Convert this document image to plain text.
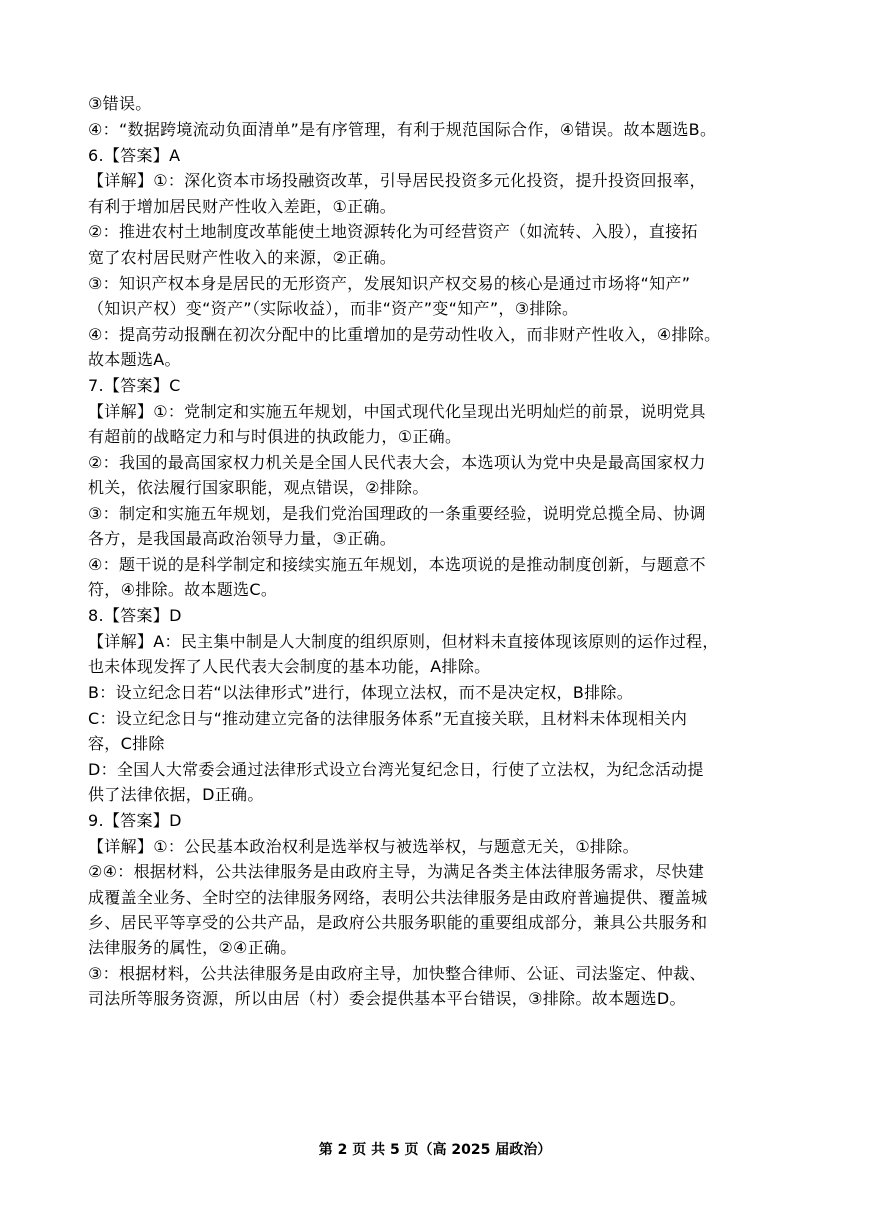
③错误。
④：“数据跨境流动负面清单”是有序管理，有利于规范国际合作，④错误。故本题选B。
6.【答案】A
【详解】①：深化资本市场投融资改革，引导居民投资多元化投资，提升投资回报率，
有利于增加居民财产性收入差距，①正确。
②：推进农村土地制度改革能使土地资源转化为可经营资产（如流转、入股），直接拓
宽了农村居民财产性收入的来源，②正确。
③：知识产权本身是居民的无形资产，发展知识产权交易的核心是通过市场将“知产”
（知识产权）变“资产”（实际收益），而非“资产”变“知产”，③排除。
④：提高劳动报酬在初次分配中的比重增加的是劳动性收入，而非财产性收入，④排除。
故本题选A。
7.【答案】C
【详解】①：党制定和实施五年规划，中国式现代化呈现出光明灿烂的前景，说明党具
有超前的战略定力和与时俱进的执政能力，①正确。
②：我国的最高国家权力机关是全国人民代表大会，本选项认为党中央是最高国家权力
机关，依法履行国家职能，观点错误，②排除。
③：制定和实施五年规划，是我们党治国理政的一条重要经验，说明党总揽全局、协调
各方，是我国最高政治领导力量，③正确。
④：题干说的是科学制定和接续实施五年规划，本选项说的是推动制度创新，与题意不
符，④排除。故本题选C。
8.【答案】D
【详解】A：民主集中制是人大制度的组织原则，但材料未直接体现该原则的运作过程，
也未体现发挥了人民代表大会制度的基本功能，A排除。
B：设立纪念日若“以法律形式”进行，体现立法权，而不是决定权，B排除。
C：设立纪念日与“推动建立完备的法律服务体系”无直接关联，且材料未体现相关内
容，C排除
D：全国人大常委会通过法律形式设立台湾光复纪念日，行使了立法权，为纪念活动提
供了法律依据，D正确。
9.【答案】D
【详解】①：公民基本政治权利是选举权与被选举权，与题意无关，①排除。
②④：根据材料，公共法律服务是由政府主导，为满足各类主体法律服务需求，尽快建
成覆盖全业务、全时空的法律服务网络，表明公共法律服务是由政府普遍提供、覆盖城
乡、居民平等享受的公共产品，是政府公共服务职能的重要组成部分，兼具公共服务和
法律服务的属性，②④正确。
③：根据材料，公共法律服务是由政府主导，加快整合律师、公证、司法鉴定、仲裁、
司法所等服务资源，所以由居（村）委会提供基本平台错误，③排除。故本题选D。
第 2 页 共 5 页（高 2025 届政治）
